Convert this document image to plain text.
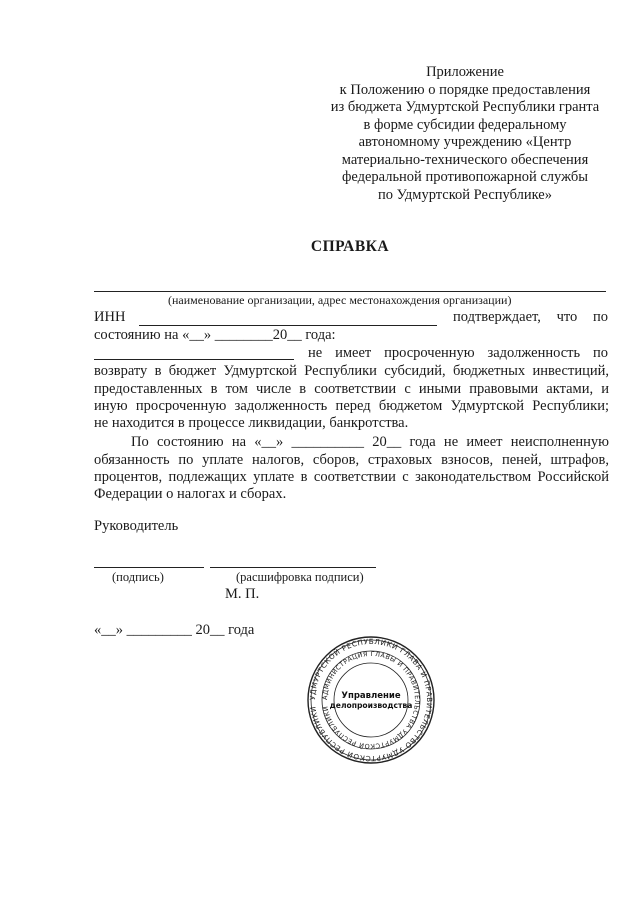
Приложение
к Положению о порядке предоставления
из бюджета Удмуртской Республики гранта
в форме субсидии федеральному
автономному учреждению «Центр
материально-технического обеспечения
федеральной противопожарной службы
по Удмуртской Республике»
СПРАВКА
(наименование организации, адрес местонахождения организации)
ИНН	подтверждает, что по
состоянию на «__» ________20__ года:
не имеет просроченную задолженность по
возврату в бюджет Удмуртской Республики субсидий, бюджетных инвестиций,
предоставленных в том числе в соответствии с иными правовыми актами, и
иную просроченную задолженность перед бюджетом Удмуртской Республики;
не находится в процессе ликвидации, банкротства.
По состоянию на «__» __________ 20__ года не имеет неисполненную
обязанность по уплате налогов, сборов, страховых взносов, пеней, штрафов,
процентов, подлежащих уплате в соответствии с законодательством Российской
Федерации о налогах и сборах.
Руководитель
(подпись)	(расшифровка подписи)
М. П.
«__» _________ 20__ года
УДМУРТСКОЙ РЕСПУБЛИКИ ГЛАВА И ПРАВИТЕЛЬСТВО УДМУРТСКОЙ РЕСПУБЛИКИ
АДМИНИСТРАЦИЯ ГЛАВЫ И ПРАВИТЕЛЬСТВА УДМУРТСКОЙ РЕСПУБЛИКИ
Управление
делопроизводства
